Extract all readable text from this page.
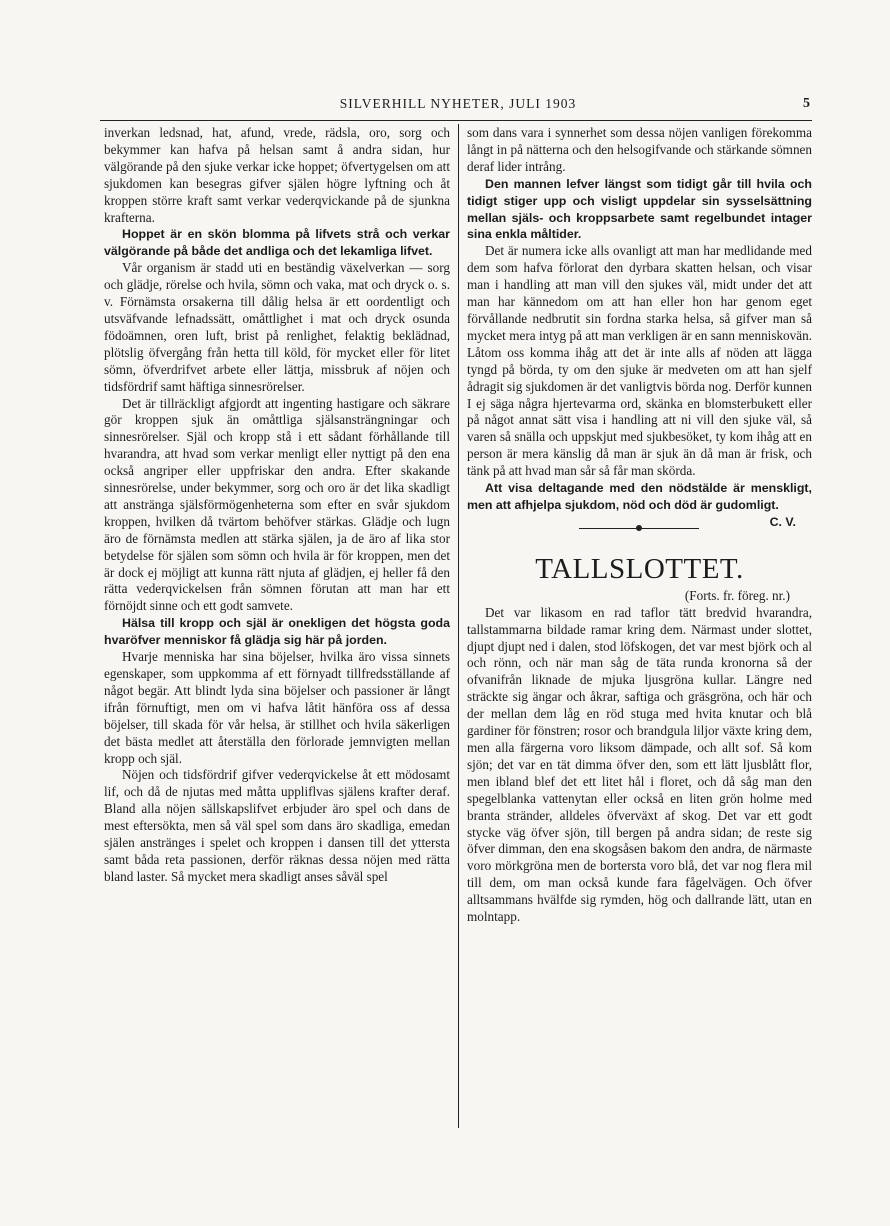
SILVERHILL NYHETER, JULI 1903	5

inverkan ledsnad, hat, afund, vrede, rädsla, oro, sorg och bekymmer kan hafva på helsan samt å andra sidan, hur välgörande på den sjuke verkar icke hoppet; öfvertygelsen om att sjukdomen kan besegras gifver själen högre lyftning och åt kroppen större kraft samt verkar vederqvickande på de sjunkna krafterna.

Hoppet är en skön blomma på lifvets strå och verkar välgörande på både det andliga och det lekamliga lifvet.

Vår organism är stadd uti en beständig växelverkan — sorg och glädje, rörelse och hvila, sömn och vaka, mat och dryck o. s. v. Förnämsta orsakerna till dålig helsa är ett oordentligt och utsväfvande lefnadssätt, omåttlighet i mat och dryck osunda födoämnen, oren luft, brist på renlighet, felaktig beklädnad, plötslig öfvergång från hetta till köld, för mycket eller för litet sömn, öfverdrifvet arbete eller lättja, missbruk af nöjen och tidsfördrif samt häftiga sinnesrörelser.

Det är tillräckligt afgjordt att ingenting hastigare och säkrare gör kroppen sjuk än omåttliga själsansträngningar och sinnesrörelser. Själ och kropp stå i ett sådant förhållande till hvarandra, att hvad som verkar menligt eller nyttigt på den ena också angriper eller uppfriskar den andra. Efter skakande sinnesrörelse, under bekymmer, sorg och oro är det lika skadligt att anstränga själsförmögenheterna som efter en svår sjukdom kroppen, hvilken då tvärtom behöfver stärkas. Glädje och lugn äro de förnämsta medlen att stärka själen, ja de äro af lika stor betydelse för själen som sömn och hvila är för kroppen, men det är dock ej möjligt att kunna rätt njuta af glädjen, ej heller få den rätta vederqvickelsen från sömnen förutan att man har ett förnöjdt sinne och ett godt samvete.

Hälsa till kropp och själ är onekligen det högsta goda hvaröfver menniskor få glädja sig här på jorden.

Hvarje menniska har sina böjelser, hvilka äro vissa sinnets egenskaper, som uppkomma af ett förnyadt tillfredsställande af något begär. Att blindt lyda sina böjelser och passioner är långt ifrån förnuftigt, men om vi hafva låtit hänföra oss af dessa böjelser, till skada för vår helsa, är stillhet och hvila säkerligen det bästa medlet att återställa den förlorade jemnvigten mellan kropp och själ.

Nöjen och tidsfördrif gifver vederqvickelse åt ett mödosamt lif, och då de njutas med måtta uppliflvas själens krafter deraf. Bland alla nöjen sällskapslifvet erbjuder äro spel och dans de mest eftersökta, men så väl spel som dans äro skadliga, emedan själen anstränges i spelet och kroppen i dansen till det yttersta samt båda reta passionen, derför räknas dessa nöjen med rätta bland laster. Så mycket mera skadligt anses såväl spel

som dans vara i synnerhet som dessa nöjen vanligen förekomma långt in på nätterna och den helsogifvande och stärkande sömnen deraf lider intrång.

Den mannen lefver längst som tidigt går till hvila och tidigt stiger upp och visligt uppdelar sin sysselsättning mellan själs- och kroppsarbete samt regelbundet intager sina enkla måltider.

Det är numera icke alls ovanligt att man har medlidande med dem som hafva förlorat den dyrbara skatten helsan, och visar man i handling att man vill den sjukes väl, midt under det att man har kännedom om att han eller hon har genom eget förvållande nedbrutit sin fordna starka helsa, så gifver man så mycket mera intyg på att man verkligen är en sann menniskovän. Låtom oss komma ihåg att det är inte alls af nöden att lägga tyngd på börda, ty om den sjuke är medveten om att han sjelf ådragit sig sjukdomen är det vanligtvis börda nog. Derför kunnen I ej säga några hjertevarma ord, skänka en blomsterbukett eller på något annat sätt visa i handling att ni vill den sjuke väl, så varen så snälla och uppskjut med sjukbesöket, ty kom ihåg att en person är mera känslig då man är sjuk än då man är frisk, och tänk på att hvad man sår så får man skörda.

Att visa deltagande med den nödstälde är menskligt, men att afhjelpa sjukdom, nöd och död är gudomligt.
C. V.

TALLSLOTTET.
(Forts. fr. föreg. nr.)

Det var likasom en rad taflor tätt bredvid hvarandra, tallstammarna bildade ramar kring dem. Närmast under slottet, djupt djupt ned i dalen, stod löfskogen, det var mest björk och al och rönn, och när man såg de täta runda kronorna så der ofvanifrån liknade de mjuka ljusgröna kullar. Längre ned sträckte sig ängar och åkrar, saftiga och gräsgröna, och här och der mellan dem låg en röd stuga med hvita knutar och blå gardiner för fönstren; rosor och brandgula liljor växte kring dem, men alla färgerna voro liksom dämpade, och allt sof. Så kom sjön; det var en tät dimma öfver den, som ett lätt ljusblått flor, men ibland blef det ett litet hål i floret, och då såg man den spegelblanka vattenytan eller också en liten grön holme med branta stränder, alldeles öfverväxt af skog. Det var ett godt stycke väg öfver sjön, till bergen på andra sidan; de reste sig öfver dimman, den ena skogsåsen bakom den andra, de närmaste voro mörkgröna men de bortersta voro blå, det var nog flera mil till dem, om man också kunde fara fågelvägen. Och öfver alltsammans hvälfde sig rymden, hög och dallrande lätt, utan en molntapp.
